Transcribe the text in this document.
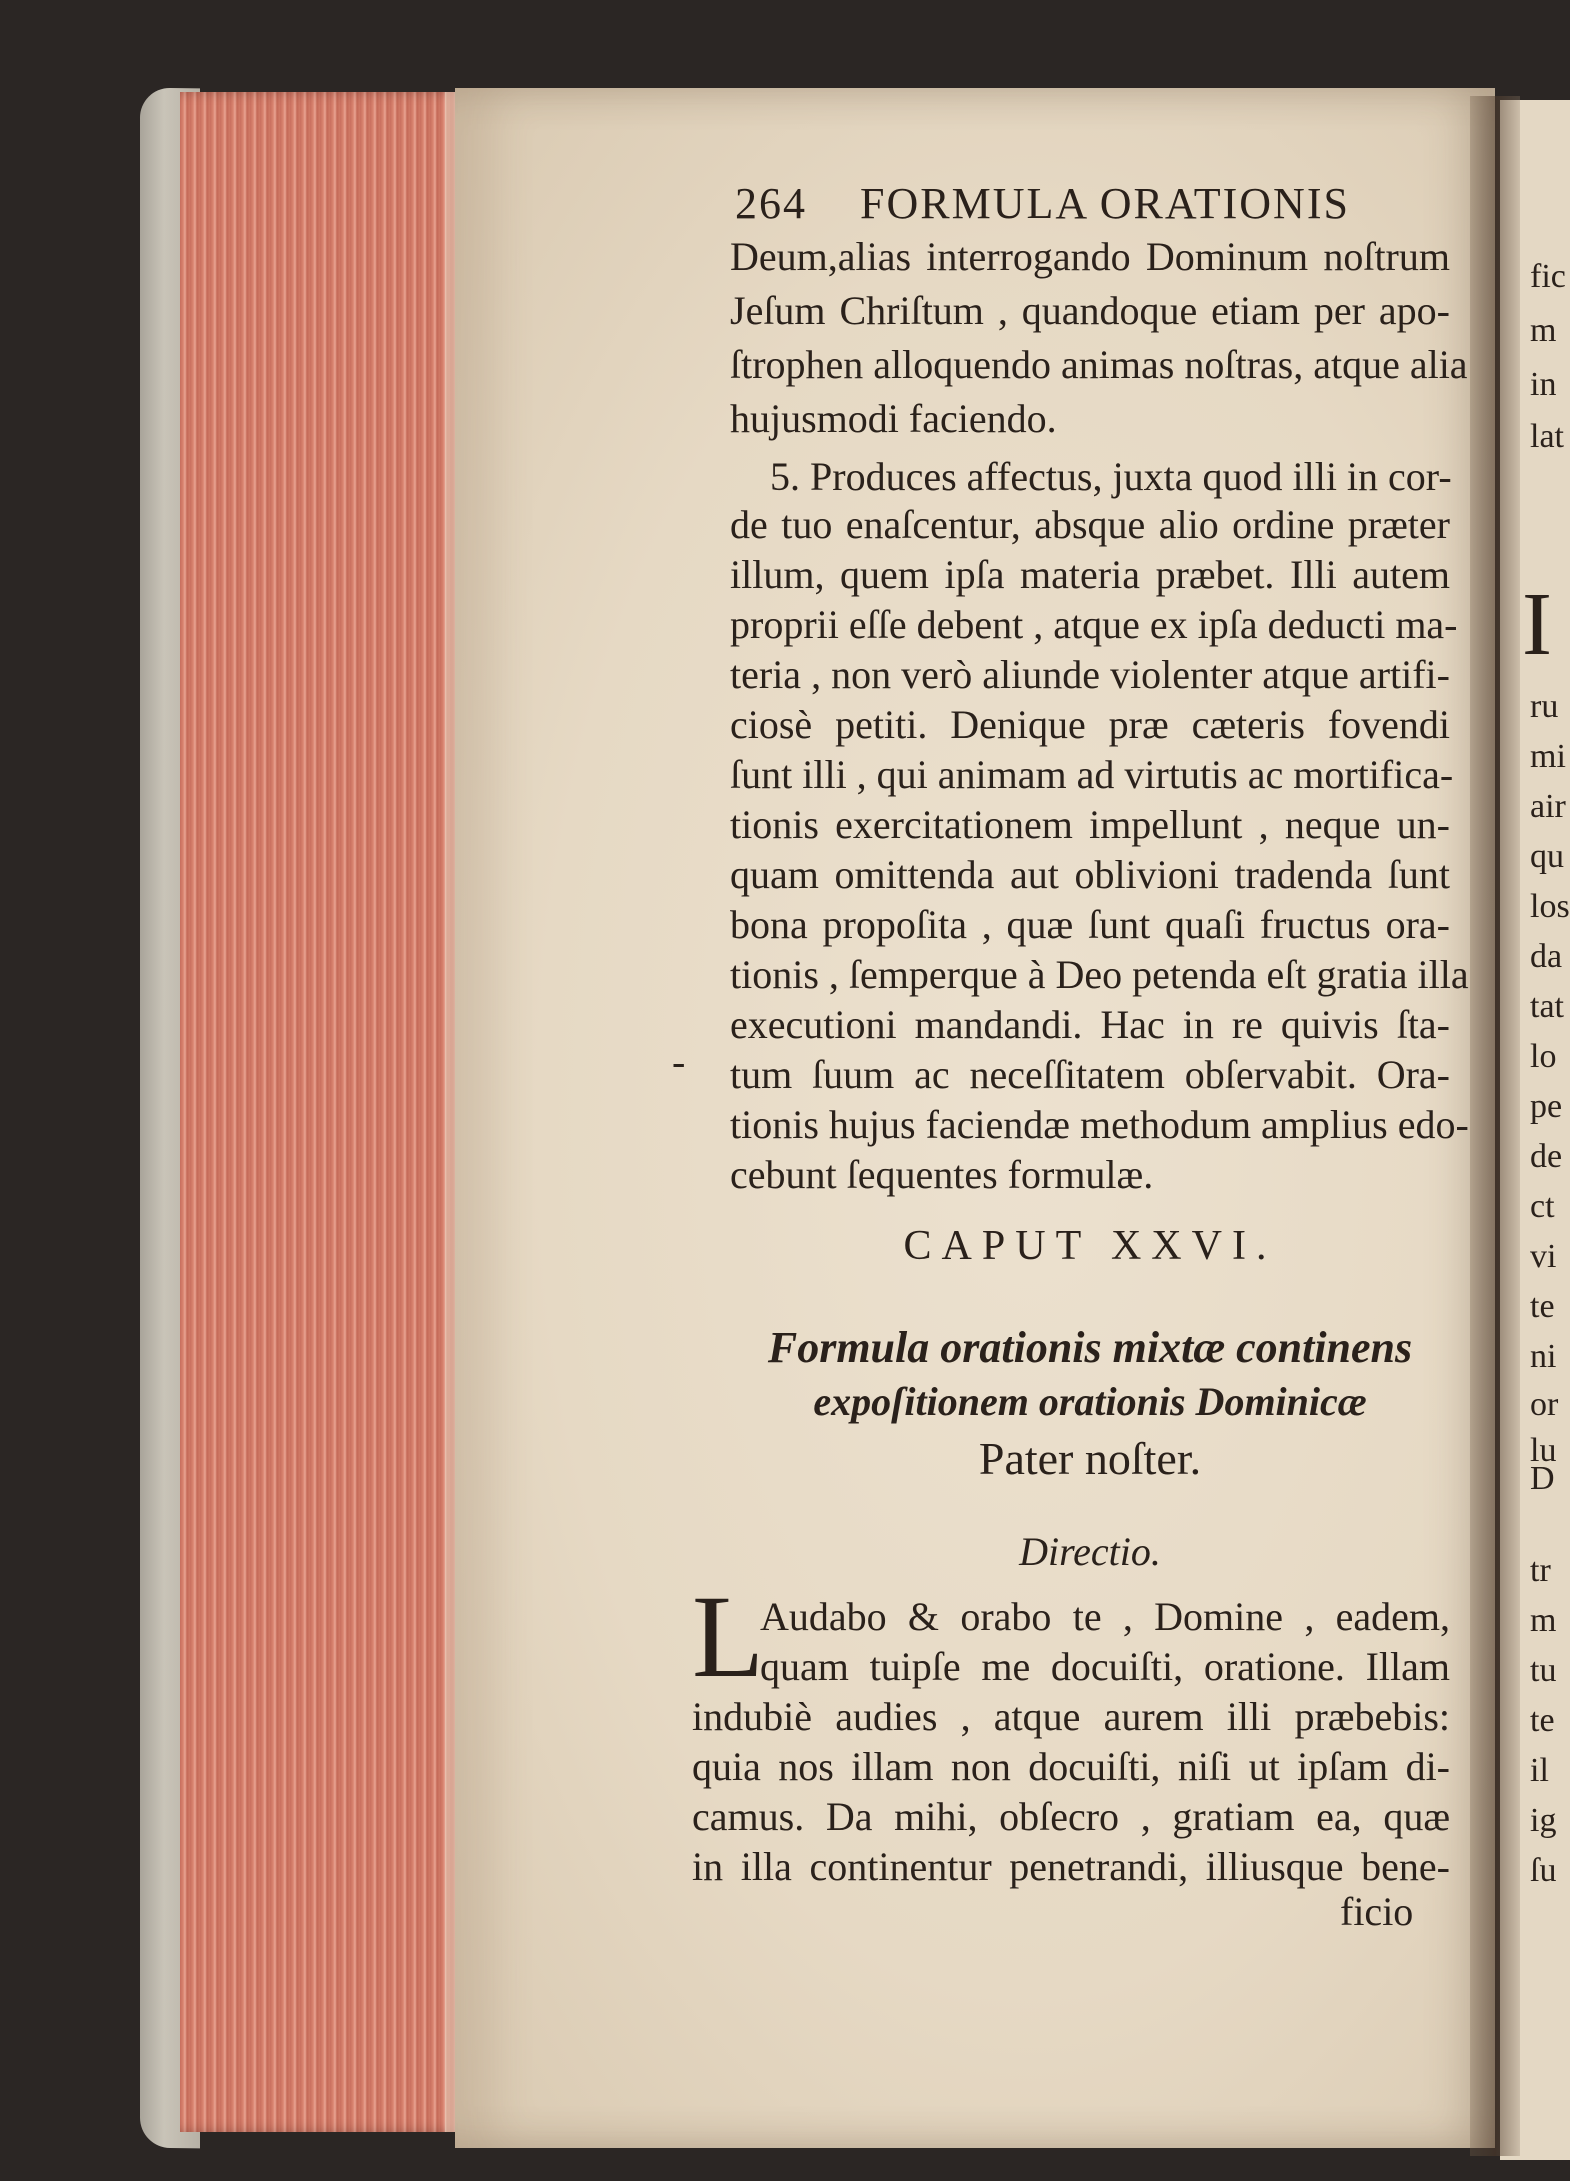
264 FORMULA ORATIONIS
Deum,alias interrogando Dominum noſtrum
Jeſum Chriſtum , quandoque etiam per apo-
ſtrophen alloquendo animas noſtras, atque alia
hujusmodi faciendo.
5. Produces affectus, juxta quod illi in cor-
de tuo enaſcentur, absque alio ordine præter
illum, quem ipſa materia præbet. Illi autem
proprii eſſe debent , atque ex ipſa deducti ma-
teria , non verò aliunde violenter atque artifi-
ciosè petiti. Denique præ cæteris fovendi
ſunt illi , qui animam ad virtutis ac mortifica-
tionis exercitationem impellunt , neque un-
quam omittenda aut oblivioni tradenda ſunt
bona propoſita , quæ ſunt quaſi fructus ora-
tionis , ſemperque à Deo petenda eſt gratia illa
executioni mandandi. Hac in re quivis ſta-
tum ſuum ac neceſſitatem obſervabit. Ora-
tionis hujus faciendæ methodum amplius edo-
cebunt ſequentes formulæ.
-
CAPUT XXVI.
Formula orationis mixtæ continens
expoſitionem orationis Dominicæ
Pater noſter.
Directio.
L
Audabo & orabo te , Domine , eadem,
quam tuipſe me docuiſti, oratione. Illam
indubiè audies , atque aurem illi præbebis:
quia nos illam non docuiſti, niſi ut ipſam di-
camus. Da mihi, obſecro , gratiam ea, quæ
in illa continentur penetrandi, illiusque bene-
ficio
fic
m
in
lat
I
ru
mi
air
qu
los
da
tat
lo
pe
de
ct
vi
te
ni
or
lu
D
tr
m
tu
te
il
ig
ſu
